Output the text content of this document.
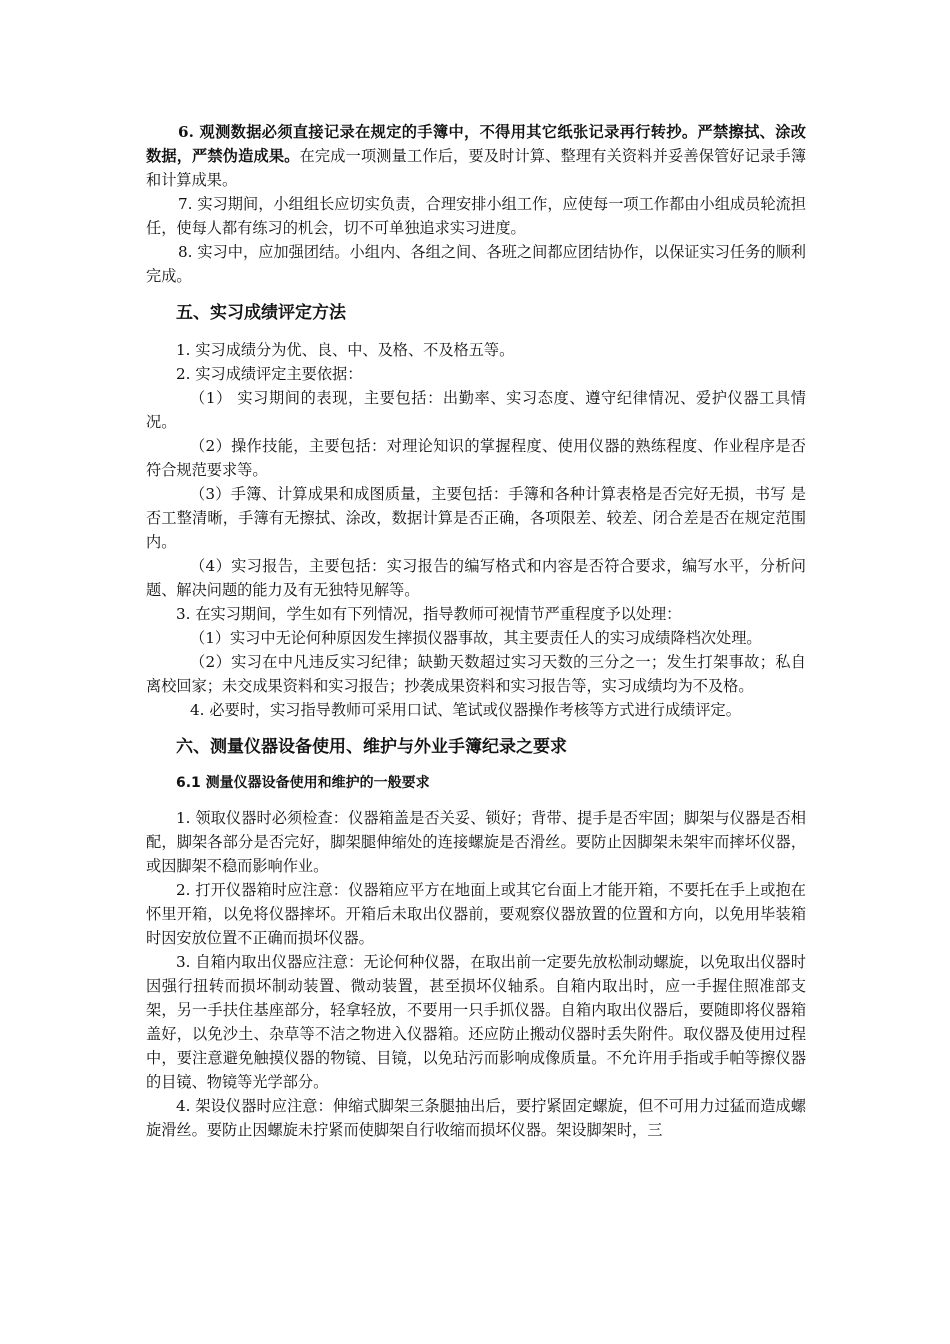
6. 观测数据必须直接记录在规定的手簿中，不得用其它纸张记录再行转抄。严禁擦拭、涂改数据，严禁伪造成果。在完成一项测量工作后，要及时计算、整理有关资料并妥善保管好记录手簿和计算成果。

7. 实习期间，小组组长应切实负责，合理安排小组工作，应使每一项工作都由小组成员轮流担任，使每人都有练习的机会，切不可单独追求实习进度。

8. 实习中，应加强团结。小组内、各组之间、各班之间都应团结协作，以保证实习任务的顺利完成。

五、实习成绩评定方法

1. 实习成绩分为优、良、中、及格、不及格五等。

2. 实习成绩评定主要依据：

（1） 实习期间的表现，主要包括：出勤率、实习态度、遵守纪律情况、爱护仪器工具情况。

（2）操作技能，主要包括：对理论知识的掌握程度、使用仪器的熟练程度、作业程序是否符合规范要求等。

（3）手簿、计算成果和成图质量，主要包括：手簿和各种计算表格是否完好无损，书写 是否工整清晰，手簿有无擦拭、涂改，数据计算是否正确，各项限差、较差、闭合差是否在规定范围内。

（4）实习报告，主要包括：实习报告的编写格式和内容是否符合要求，编写水平，分析问题、解决问题的能力及有无独特见解等。

3. 在实习期间，学生如有下列情况，指导教师可视情节严重程度予以处理：

（1）实习中无论何种原因发生摔损仪器事故，其主要责任人的实习成绩降档次处理。

（2）实习在中凡违反实习纪律；缺勤天数超过实习天数的三分之一；发生打架事故；私自离校回家；未交成果资料和实习报告；抄袭成果资料和实习报告等，实习成绩均为不及格。

4. 必要时，实习指导教师可采用口试、笔试或仪器操作考核等方式进行成绩评定。

六、测量仪器设备使用、维护与外业手簿纪录之要求
6.1 测量仪器设备使用和维护的一般要求

1. 领取仪器时必须检查：仪器箱盖是否关妥、锁好；背带、提手是否牢固；脚架与仪器是否相配，脚架各部分是否完好，脚架腿伸缩处的连接螺旋是否滑丝。要防止因脚架未架牢而摔坏仪器，或因脚架不稳而影响作业。

2. 打开仪器箱时应注意：仪器箱应平方在地面上或其它台面上才能开箱，不要托在手上或抱在怀里开箱，以免将仪器摔坏。开箱后未取出仪器前，要观察仪器放置的位置和方向，以免用毕装箱时因安放位置不正确而损坏仪器。

3. 自箱内取出仪器应注意：无论何种仪器，在取出前一定要先放松制动螺旋，以免取出仪器时因强行扭转而损坏制动装置、微动装置，甚至损坏仪轴系。自箱内取出时，应一手握住照准部支架，另一手扶住基座部分，轻拿轻放，不要用一只手抓仪器。自箱内取出仪器后，要随即将仪器箱盖好，以免沙土、杂草等不洁之物进入仪器箱。还应防止搬动仪器时丢失附件。取仪器及使用过程中，要注意避免触摸仪器的物镜、目镜，以免玷污而影响成像质量。不允许用手指或手帕等擦仪器的目镜、物镜等光学部分。

4. 架设仪器时应注意：伸缩式脚架三条腿抽出后，要拧紧固定螺旋，但不可用力过猛而造成螺旋滑丝。要防止因螺旋未拧紧而使脚架自行收缩而损坏仪器。架设脚架时，三
